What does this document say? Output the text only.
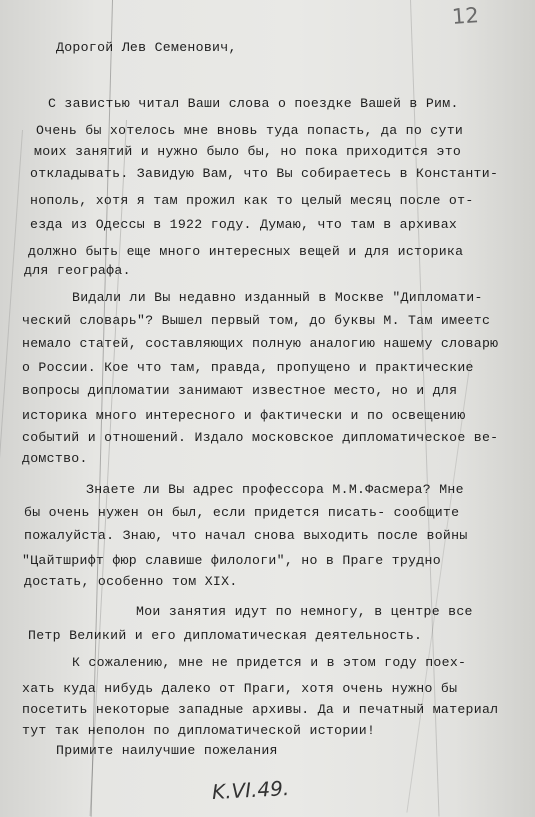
12

Дорогой Лев Семенович,

С завистью читал Ваши слова о поездке Вашей в Рим.

Очень бы хотелось мне вновь туда попасть, да по сути

моих занятий и нужно было бы, но пока приходится это

откладывать. Завидую Вам, что Вы собираетесь в Константи-

нополь, хотя я там прожил как то целый месяц после от-

езда из Одессы в 1922 году. Думаю, что там в архивах

должно быть еще много интересных вещей и для историка

для географа.

Видали ли Вы недавно изданный в Москве "Дипломати-

ческий словарь"? Вышел первый том, до буквы М. Там имеетс

немало статей, составляющих полную аналогию нашему словарю

о России. Кое что там, правда, пропущено и практические

вопросы дипломатии занимают известное место, но и для

историка много интересного и фактически и по освещению

событий и отношений. Издало московское дипломатическое ве-

домство.

Знаете ли Вы адрес профессора М.М.Фасмера? Мне

бы очень нужен он был, если придется писать- сообщите

пожалуйста. Знаю, что начал снова выходить после войны

"Цайтшрифт фюр славише филологи", но в Праге трудно

достать, особенно том XIX.

Мои занятия идут по немногу, в центре все

Петр Великий и его дипломатическая деятельность.

К сожалению, мне не придется и в этом году поех-

хать куда нибудь далеко от Праги, хотя очень нужно бы

посетить некоторые западные архивы. Да и печатный материал

тут так неполон по дипломатической истории!

Примите наилучшие пожелания

K.VI.49.
